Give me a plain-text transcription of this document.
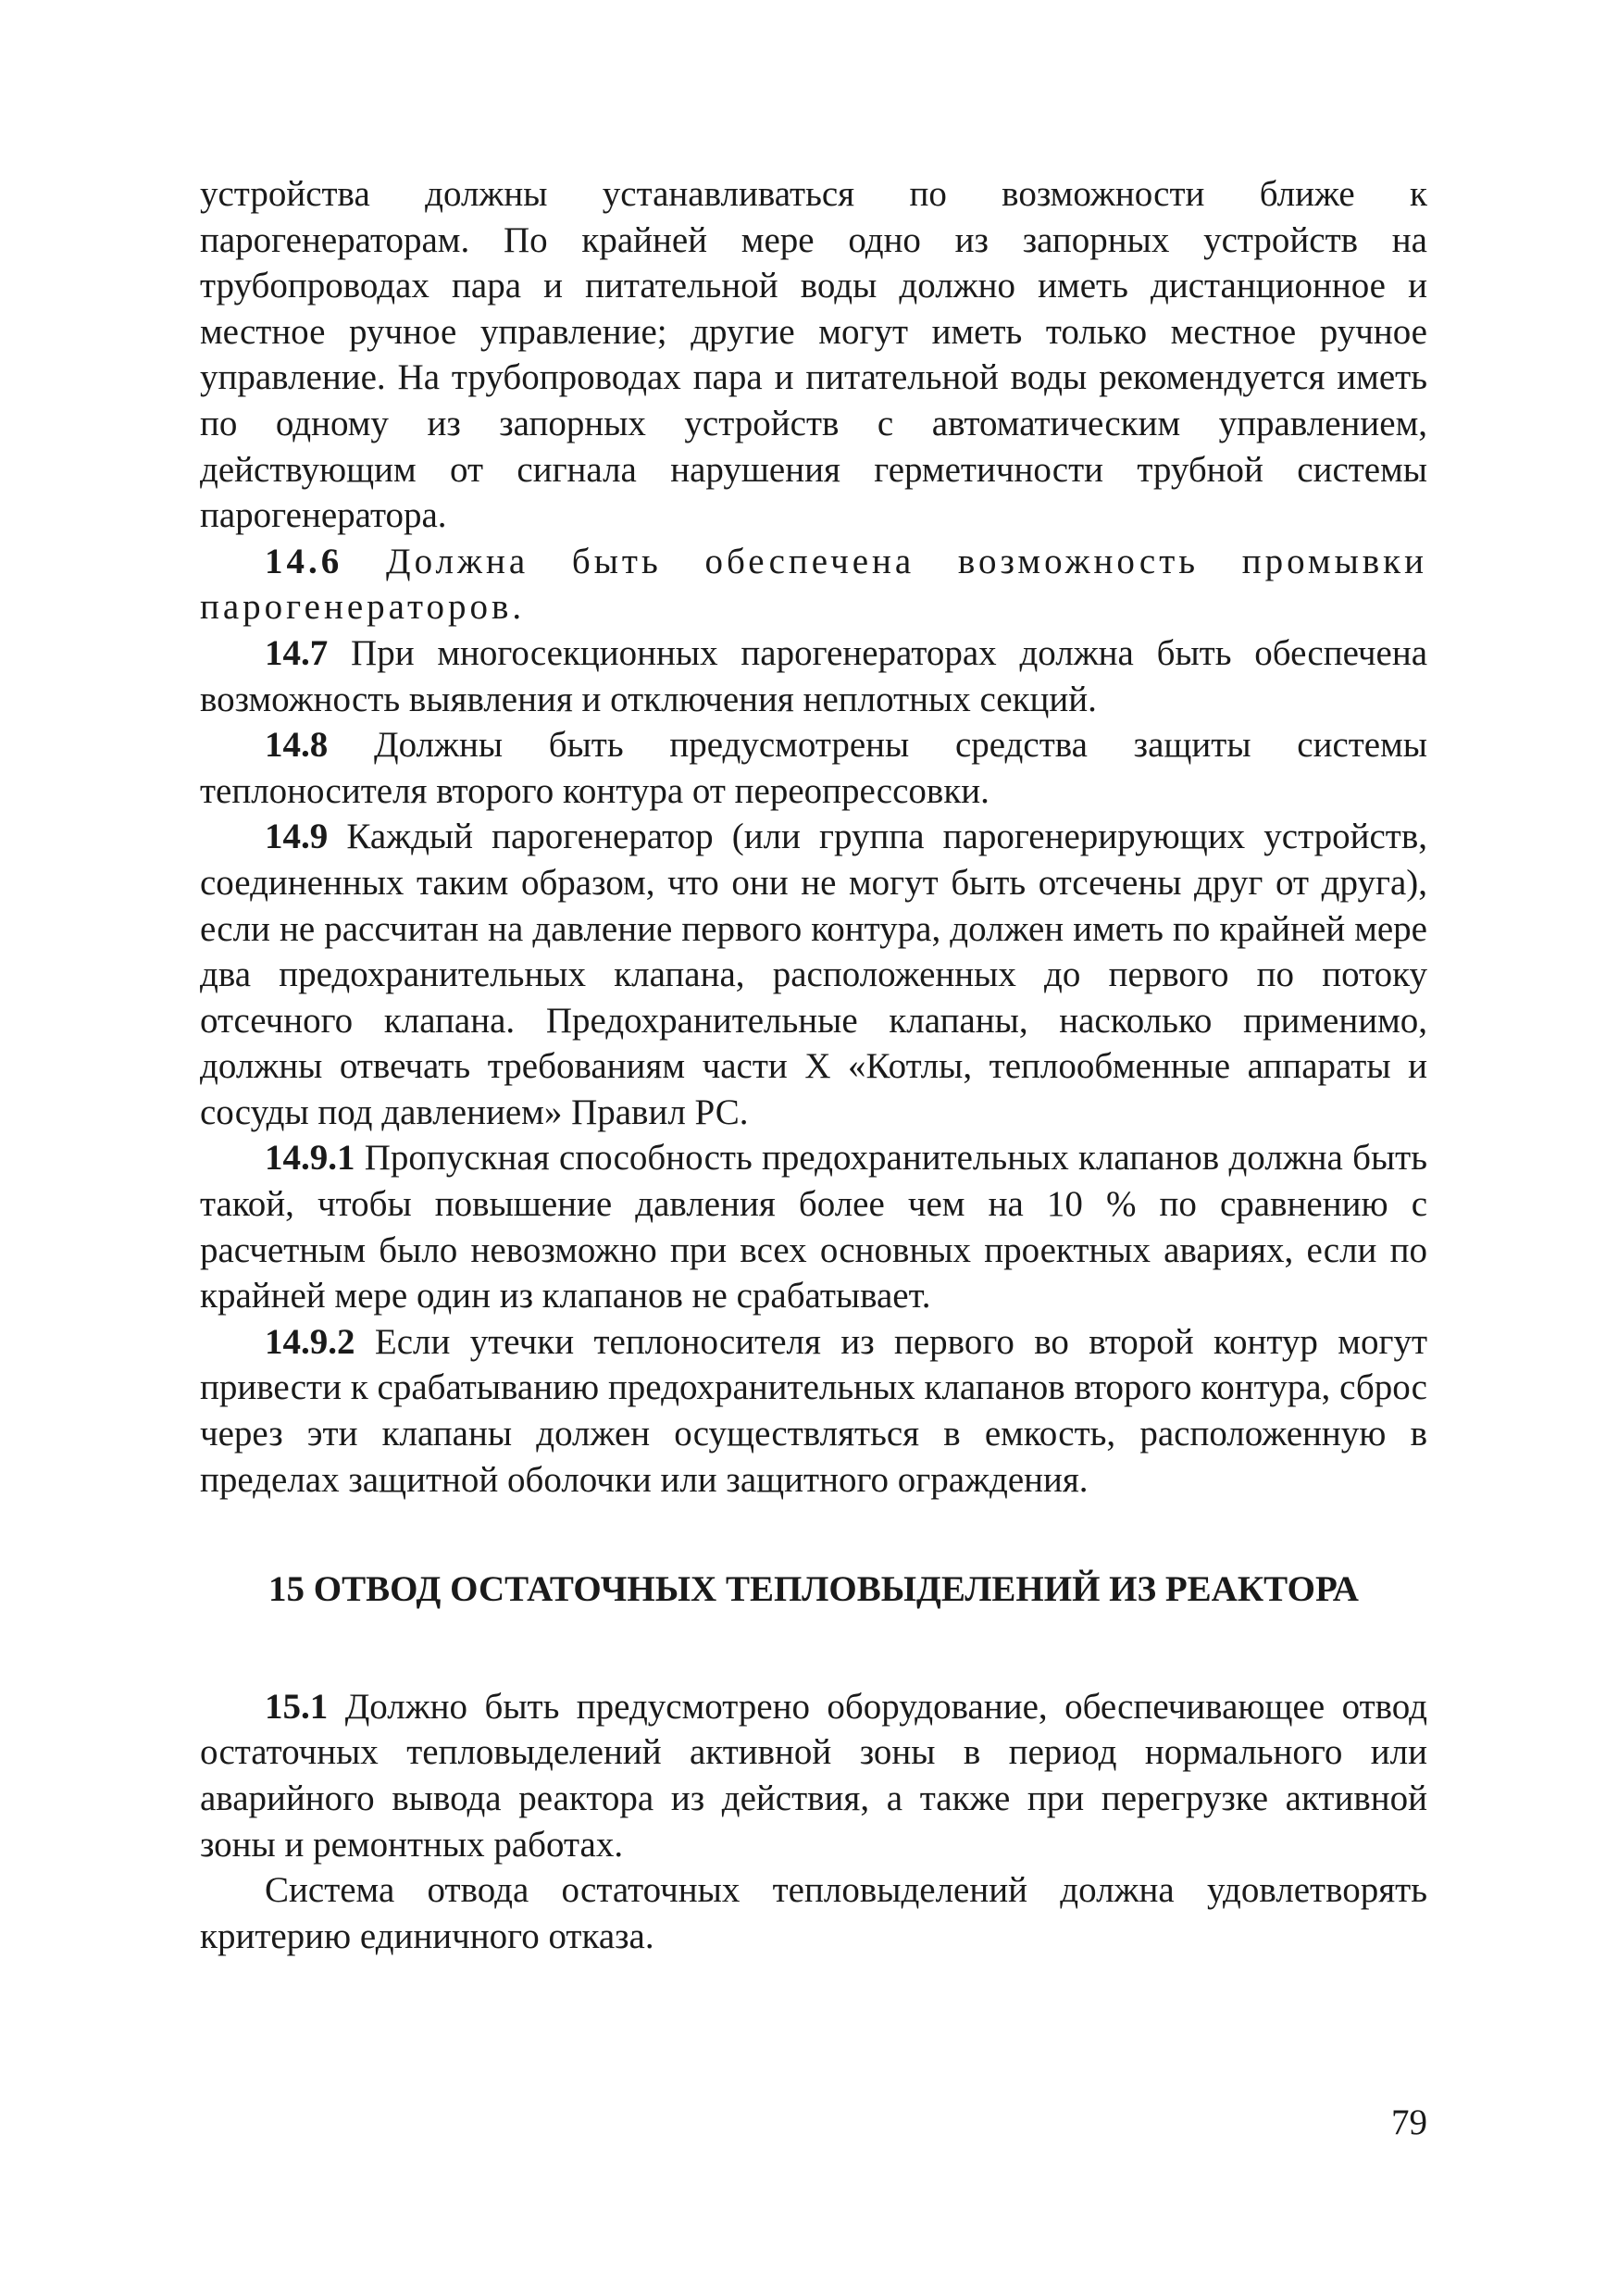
устройства должны устанавливаться по возможности ближе к парогенераторам. По крайней мере одно из запорных устройств на трубопроводах пара и питательной воды должно иметь дистанционное и местное ручное управление; другие могут иметь только местное ручное управление. На трубопроводах пара и питательной воды рекомендуется иметь по одному из запорных устройств с автоматическим управлением, действующим от сигнала нарушения герметичности трубной системы парогенератора.

14.6 Должна быть обеспечена возможность промывки парогенераторов.

14.7 При многосекционных парогенераторах должна быть обеспечена возможность выявления и отключения неплотных секций.

14.8 Должны быть предусмотрены средства защиты системы теплоносителя второго контура от переопрессовки.

14.9 Каждый парогенератор (или группа парогенерирующих устройств, соединенных таким образом, что они не могут быть отсечены друг от друга), если не рассчитан на давление первого контура, должен иметь по крайней мере два предохранительных клапана, расположенных до первого по потоку отсечного клапана. Предохранительные клапаны, насколько применимо, должны отвечать требованиям части X «Котлы, теплообменные аппараты и сосуды под давлением» Правил РС.

14.9.1 Пропускная способность предохранительных клапанов должна быть такой, чтобы повышение давления более чем на 10 % по сравнению с расчетным было невозможно при всех основных проектных авариях, если по крайней мере один из клапанов не срабатывает.

14.9.2 Если утечки теплоносителя из первого во второй контур могут привести к срабатыванию предохранительных клапанов второго контура, сброс через эти клапаны должен осуществляться в емкость, расположенную в пределах защитной оболочки или защитного ограждения.

15 ОТВОД ОСТАТОЧНЫХ ТЕПЛОВЫДЕЛЕНИЙ ИЗ РЕАКТОРА

15.1 Должно быть предусмотрено оборудование, обеспечивающее отвод остаточных тепловыделений активной зоны в период нормального или аварийного вывода реактора из действия, а также при перегрузке активной зоны и ремонтных работах.

Система отвода остаточных тепловыделений должна удовлетворять критерию единичного отказа.

79
